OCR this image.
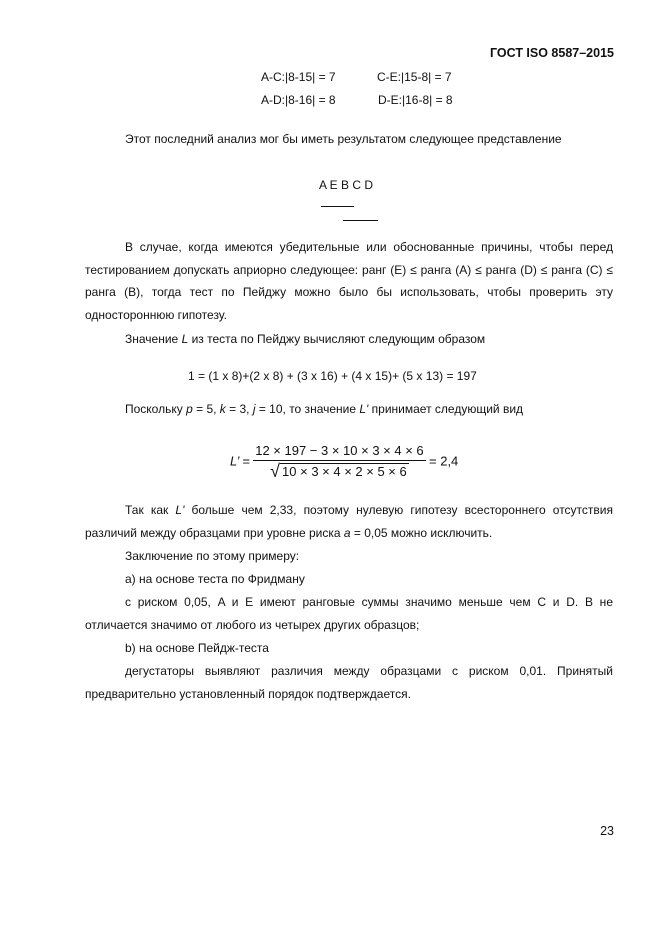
ГОСТ ISO 8587–2015
A-C:|8-15| = 7	C-E:|15-8| = 7
A-D:|8-16| = 8	D-E:|16-8| = 8
Этот последний анализ мог бы иметь результатом следующее представление
A E B C D
В случае, когда имеются убедительные или обоснованные причины, чтобы перед тестированием допускать априорно следующее: ранг (E) ≤ ранга (A) ≤ ранга (D) ≤ ранга (C) ≤ ранга (B), тогда тест по Пейджу можно было бы использовать, чтобы проверить эту одностороннюю гипотезу.
Значение L из теста по Пейджу вычисляют следующим образом
1 = (1 x 8)+(2 x 8) + (3 x 16) + (4 x 15)+ (5 x 13) = 197
Поскольку p = 5, k = 3, j = 10, то значение L' принимает следующий вид
L’ = $\frac{12 \times 197 - 3 \times 10 \times 3 \times 4 \times 6}{√ 10 \times 3 \times 4 \times 2 \times 5 \times 6} = 2,4$
Так как L' больше чем 2,33, поэтому нулевую гипотезу всестороннего отсутствия различий между образцами при уровне риска a = 0,05 можно исключить.
Заключение по этому примеру:
a) на основе теста по Фридману
с риском 0,05, A и E имеют ранговые суммы значимо меньше чем C и D. B не отличается значимо от любого из четырех других образцов;
b) на основе Пейдж-теста
дегустаторы выявляют различия между образцами с риском 0,01. Принятый предварительно установленный порядок подтверждается.
23
